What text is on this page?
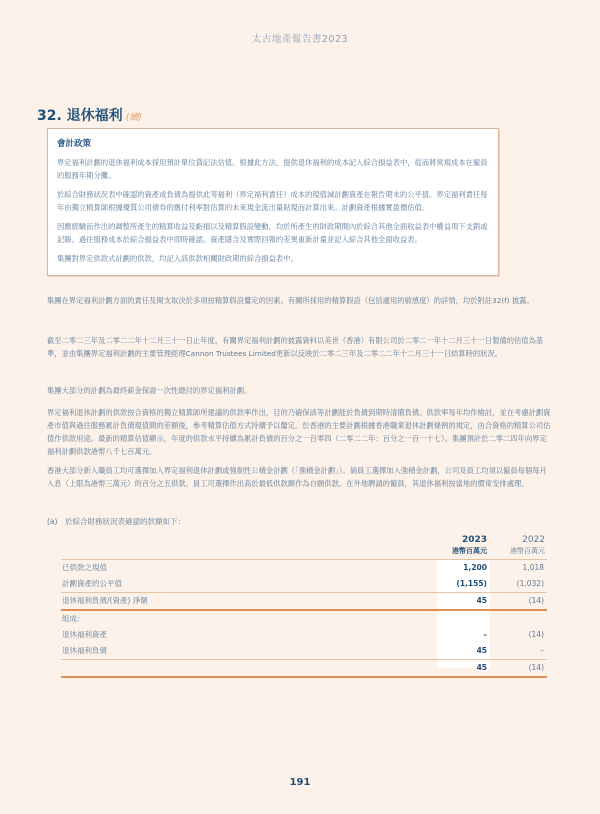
太古地產報告書2023
32. 退休福利 (續)
會計政策

界定福利計劃的退休福利成本採用預計單位貸記法估值。根據此方法，提供退休福利的成本記入綜合損益表中，從而將常規成本在僱員的服務年期分攤。

於綜合財務狀況表中確認的資產或負債為提供此等福利（界定福利責任）成本的現值減計劃資產在報告期末的公平值。界定福利責任每年由獨立精算師根據優質公司債券的應付利率對估算的未來現金流出量貼現而計算出來。計劃資產根據實盈價估值。

因應經驗而作出的調整所產生的精算收益及虧損以及精算假設變動，均於所產生的財政期間內於綜合其他全面收益表中權益項下支銷或記賬。過往服務成本於綜合損益表中即時確認。資產隱含及實際回報的差異重新計量並記入綜合其他全面收益表。

集團對界定供款式計劃的供款，均記入該供款相關財政期的綜合損益表中。

集團在界定福利計劃方面的責任及開支取決於多項按精算假設釐定的因素。有關所採用的精算假設（包括適用的敏感度）的詳情，均於附註32(f) 披露。

截至二零二三年及二零二二年十二月三十一日止年度，有關界定福利計劃的披露資料以美世（香港）有限公司於二零二一年十二月三十一日製備的估值為基準，並由集團界定福利計劃的主要管理經理Cannon Trustees Limited更新以反映於二零二三年及二零二二年十二月三十一日結算時的狀況。

集團大部分的計劃為最終薪金保證一次性總付的界定福利計劃。

界定福利退休計劃的供款按合資格的獨立精算師所建議的供款率作出，目的乃確保該等計劃能於負債到期時清償負債。供款率每年均作檢討，並在考慮計劃資產市值與過往服務累計負債現值間的差額後，參考精算估值方式持續予以釐定。於香港的主要計劃根據香港職業退休計劃條例的規定，由合資格的精算公司估值作供款用途。最新的精算估值顯示，年度的供款水平持續為累計負債的百分之一百零四（二零二二年：百分之一百一十七）。集團預計於二零二四年向界定福利計劃供款港幣八千七百萬元。

香港大部分新入職員工均可選擇加入界定福利退休計劃或強制性公積金計劃（「強積金計劃」）。倘員工選擇加入強積金計劃，公司及員工均須以僱員每個每月入息（上限為港幣三萬元）的百分之五供款。員工可選擇作出高於最低供款額作為自願供款。在外地聘請的僱員，其退休福利按當地的慣常安排處理。

(a) 於綜合財務狀況表確認的款額如下：
2023
港幣百萬元
2022
港幣百萬元
已供款之現值	1,200	1,018
計劃資產的公平值	(1,155)	(1,032)
退休福利負債/(資產) 淨額	45	(14)
組成：
退休福利資產	–	(14)
退休福利負債	45	–
45	(14)
191
